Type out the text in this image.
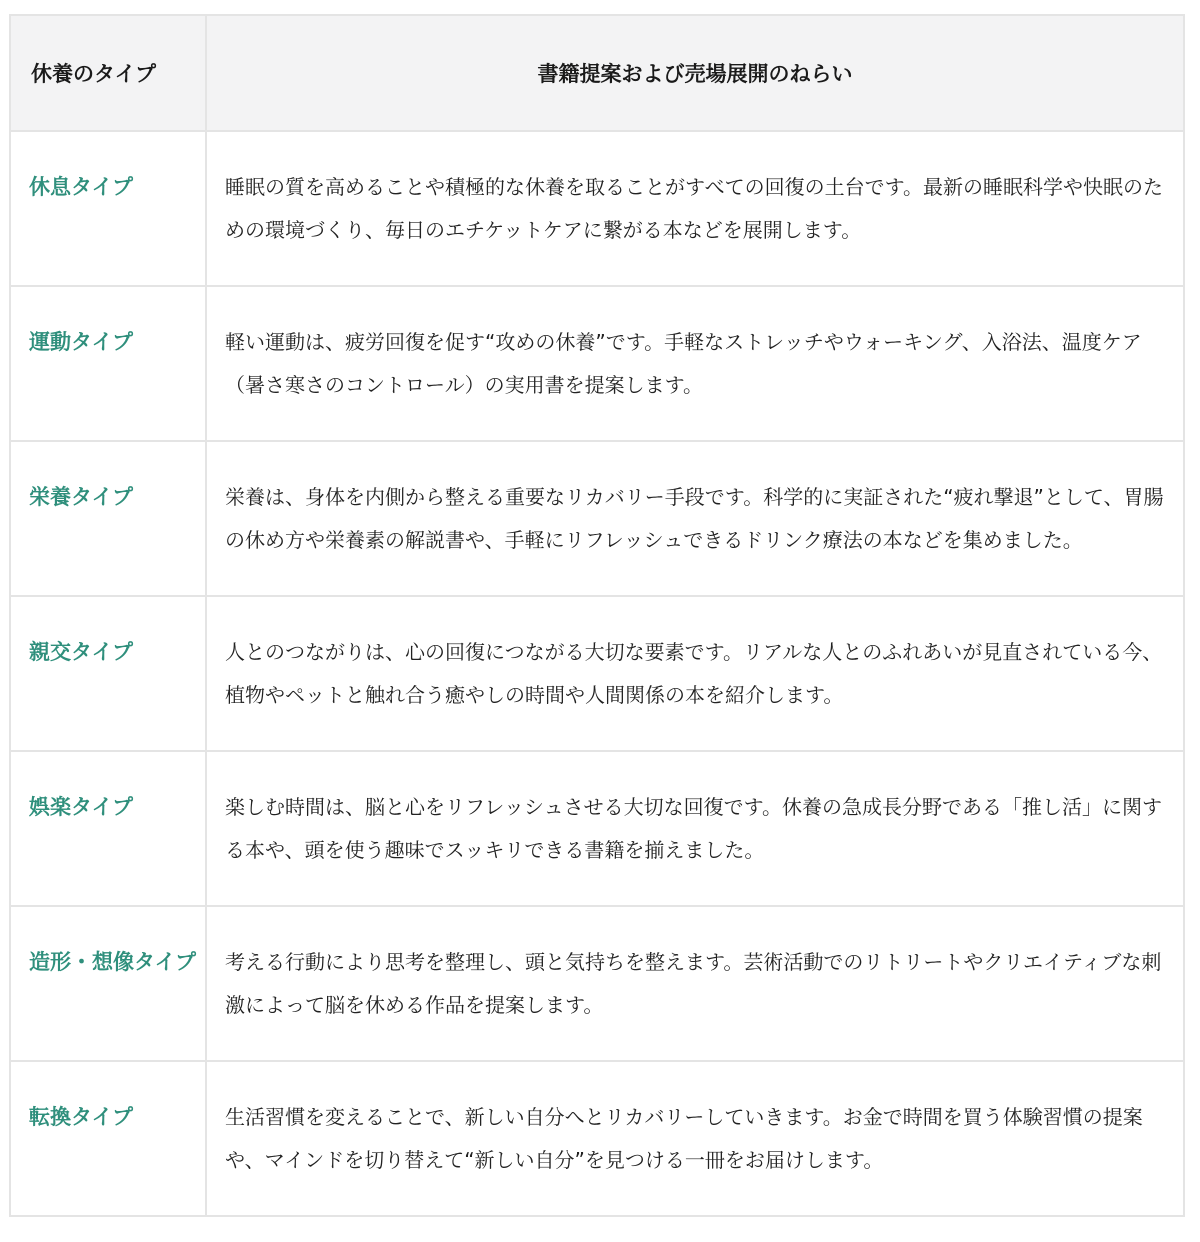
休養のタイプ	書籍提案および売場展開のねらい
休息タイプ	睡眠の質を高めることや積極的な休養を取ることがすべての回復の土台です。最新の睡眠科学や快眠のための環境づくり、毎日のエチケットケアに繋がる本などを展開します。
運動タイプ	軽い運動は、疲労回復を促す“攻めの休養”です。手軽なストレッチやウォーキング、入浴法、温度ケア（暑さ寒さのコントロール）の実用書を提案します。
栄養タイプ	栄養は、身体を内側から整える重要なリカバリー手段です。科学的に実証された“疲れ撃退”として、胃腸の休め方や栄養素の解説書や、手軽にリフレッシュできるドリンク療法の本などを集めました。
親交タイプ	人とのつながりは、心の回復につながる大切な要素です。リアルな人とのふれあいが見直されている今、植物やペットと触れ合う癒やしの時間や人間関係の本を紹介します。
娯楽タイプ	楽しむ時間は、脳と心をリフレッシュさせる大切な回復です。休養の急成長分野である「推し活」に関する本や、頭を使う趣味でスッキリできる書籍を揃えました。
造形・想像タイプ	考える行動により思考を整理し、頭と気持ちを整えます。芸術活動でのリトリートやクリエイティブな刺激によって脳を休める作品を提案します。
転換タイプ	生活習慣を変えることで、新しい自分へとリカバリーしていきます。お金で時間を買う体験習慣の提案や、マインドを切り替えて“新しい自分”を見つける一冊をお届けします。
